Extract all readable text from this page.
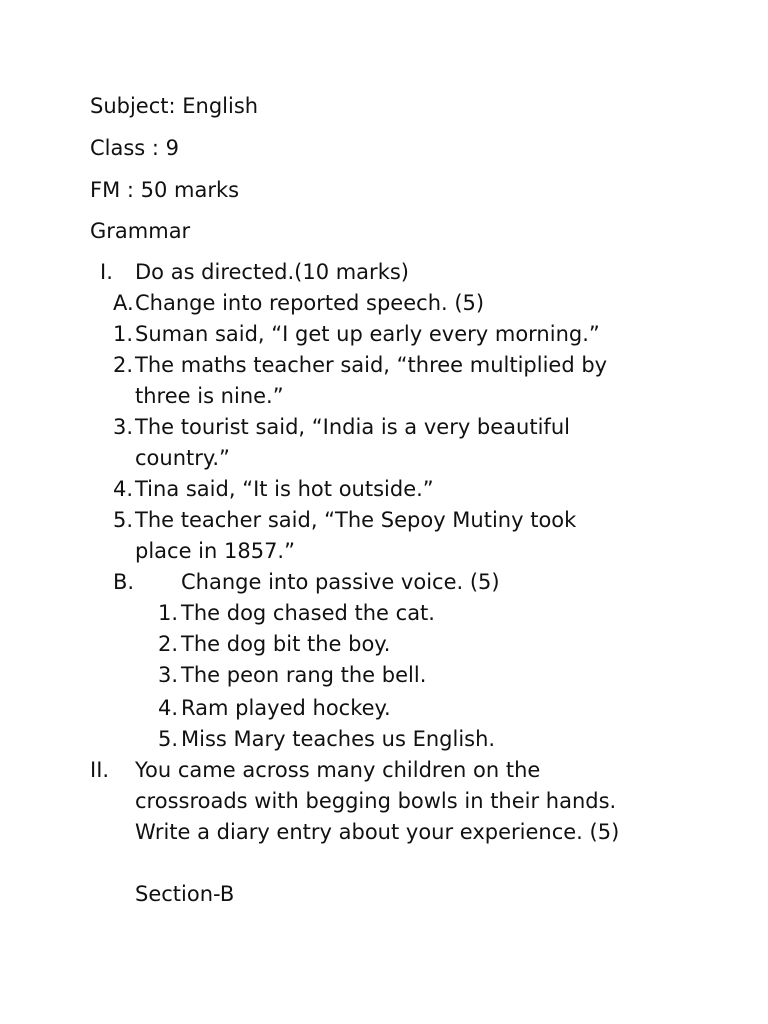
Subject: English
Class : 9
FM : 50 marks
Grammar
I. Do as directed.(10 marks)
A. Change into reported speech. (5)
1. Suman said, “I get up early every morning.”
2. The maths teacher said, “three multiplied by
three is nine.”
3. The tourist said, “India is a very beautiful
country.”
4. Tina said, “It is hot outside.”
5. The teacher said, “The Sepoy Mutiny took
place in 1857.”
B. Change into passive voice. (5)
1. The dog chased the cat.
2. The dog bit the boy.
3. The peon rang the bell.
4. Ram played hockey.
5. Miss Mary teaches us English.
II. You came across many children on the
crossroads with begging bowls in their hands.
Write a diary entry about your experience. (5)
Section-B
